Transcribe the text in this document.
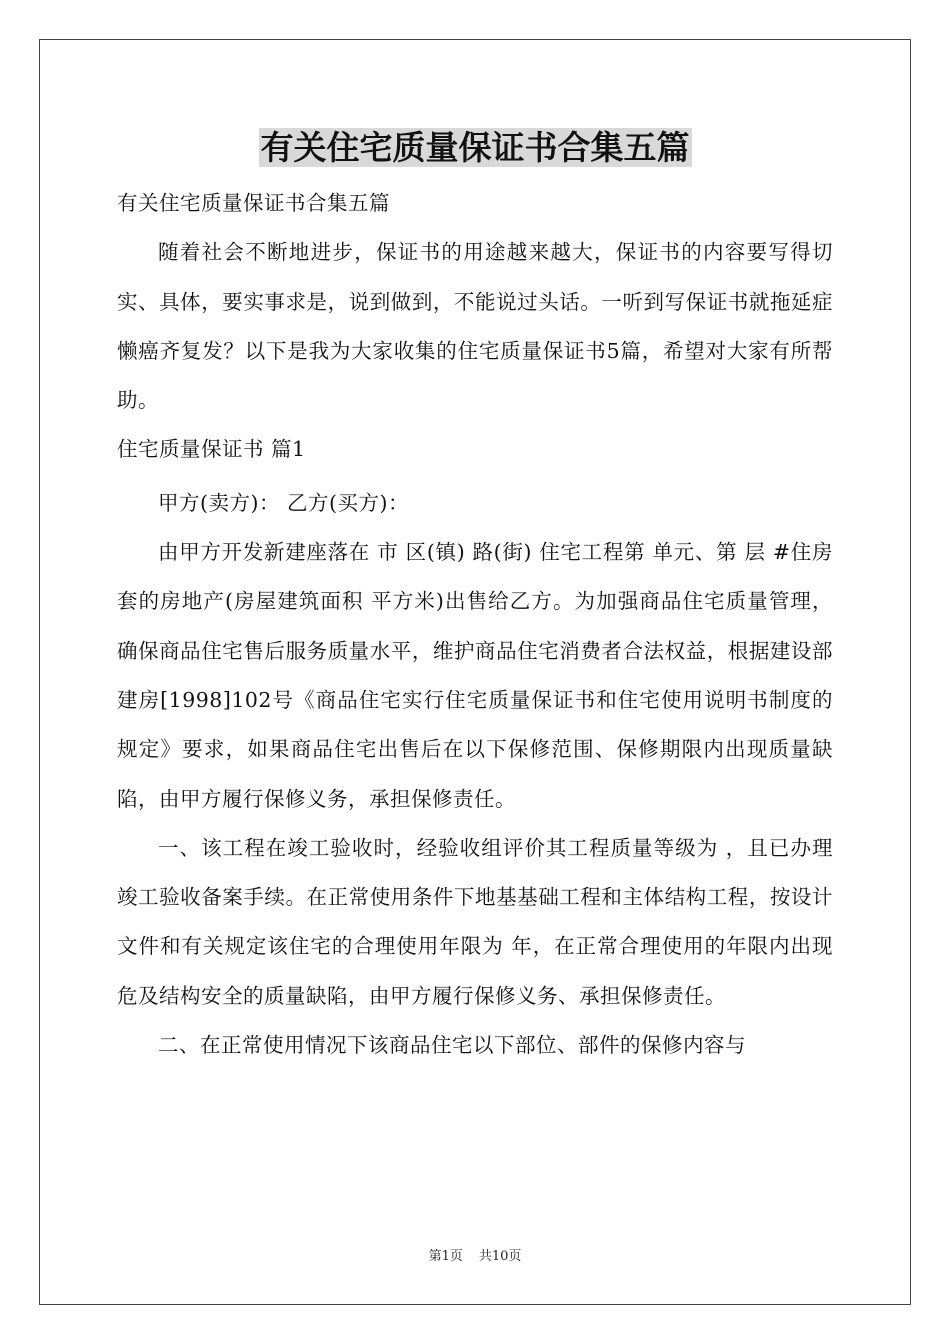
有关住宅质量保证书合集五篇

有关住宅质量保证书合集五篇

随着社会不断地进步，保证书的用途越来越大，保证书的内容要写得切实、具体，要实事求是，说到做到，不能说过头话。一听到写保证书就拖延症懒癌齐复发？以下是我为大家收集的住宅质量保证书5篇，希望对大家有所帮助。

住宅质量保证书 篇1

甲方(卖方)： 乙方(买方)：

由甲方开发新建座落在 市 区(镇) 路(街) 住宅工程第 单元、第 层 #住房 套的房地产(房屋建筑面积 平方米)出售给乙方。为加强商品住宅质量管理，确保商品住宅售后服务质量水平，维护商品住宅消费者合法权益，根据建设部建房[1998]102号《商品住宅实行住宅质量保证书和住宅使用说明书制度的规定》要求，如果商品住宅出售后在以下保修范围、保修期限内出现质量缺陷，由甲方履行保修义务，承担保修责任。

一、该工程在竣工验收时，经验收组评价其工程质量等级为 ，且已办理竣工验收备案手续。在正常使用条件下地基基础工程和主体结构工程，按设计文件和有关规定该住宅的合理使用年限为 年，在正常合理使用的年限内出现危及结构安全的质量缺陷，由甲方履行保修义务、承担保修责任。

二、在正常使用情况下该商品住宅以下部位、部件的保修内容与

第1页 共10页
